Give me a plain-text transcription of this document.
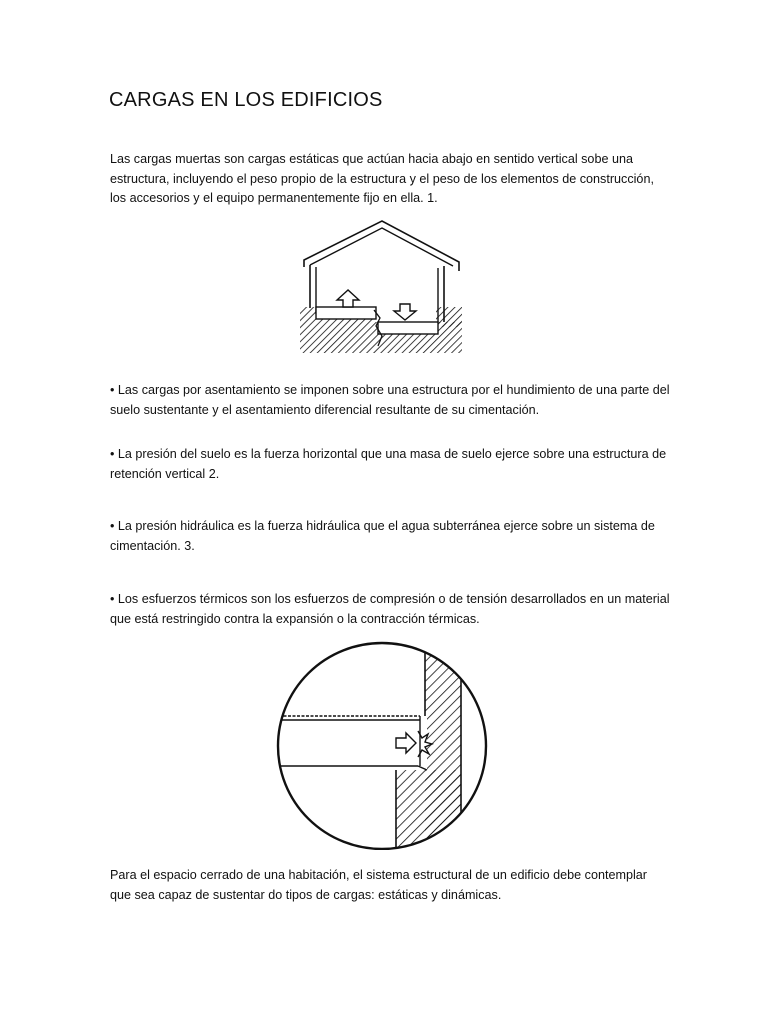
CARGAS EN LOS EDIFICIOS

Las cargas muertas son cargas estáticas que actúan hacia abajo en sentido vertical sobe una estructura, incluyendo el peso propio de la estructura y el peso de los elementos de construcción, los accesorios y el equipo permanentemente fijo en ella. 1.

• Las cargas por asentamiento se imponen sobre una estructura por el hundimiento de una parte del suelo sustentante y el asentamiento diferencial resultante de su cimentación.

• La presión del suelo es la fuerza horizontal que una masa de suelo ejerce sobre una estructura de retención vertical 2.

• La presión hidráulica es la fuerza hidráulica que el agua subterránea ejerce sobre un sistema de cimentación. 3.

• Los esfuerzos térmicos son los esfuerzos de compresión o de tensión desarrollados en un material que está restringido contra la expansión o la contracción térmicas.

Para el espacio cerrado de una habitación, el sistema estructural de un edificio debe contemplar que sea capaz de sustentar do tipos de cargas: estáticas y dinámicas.
